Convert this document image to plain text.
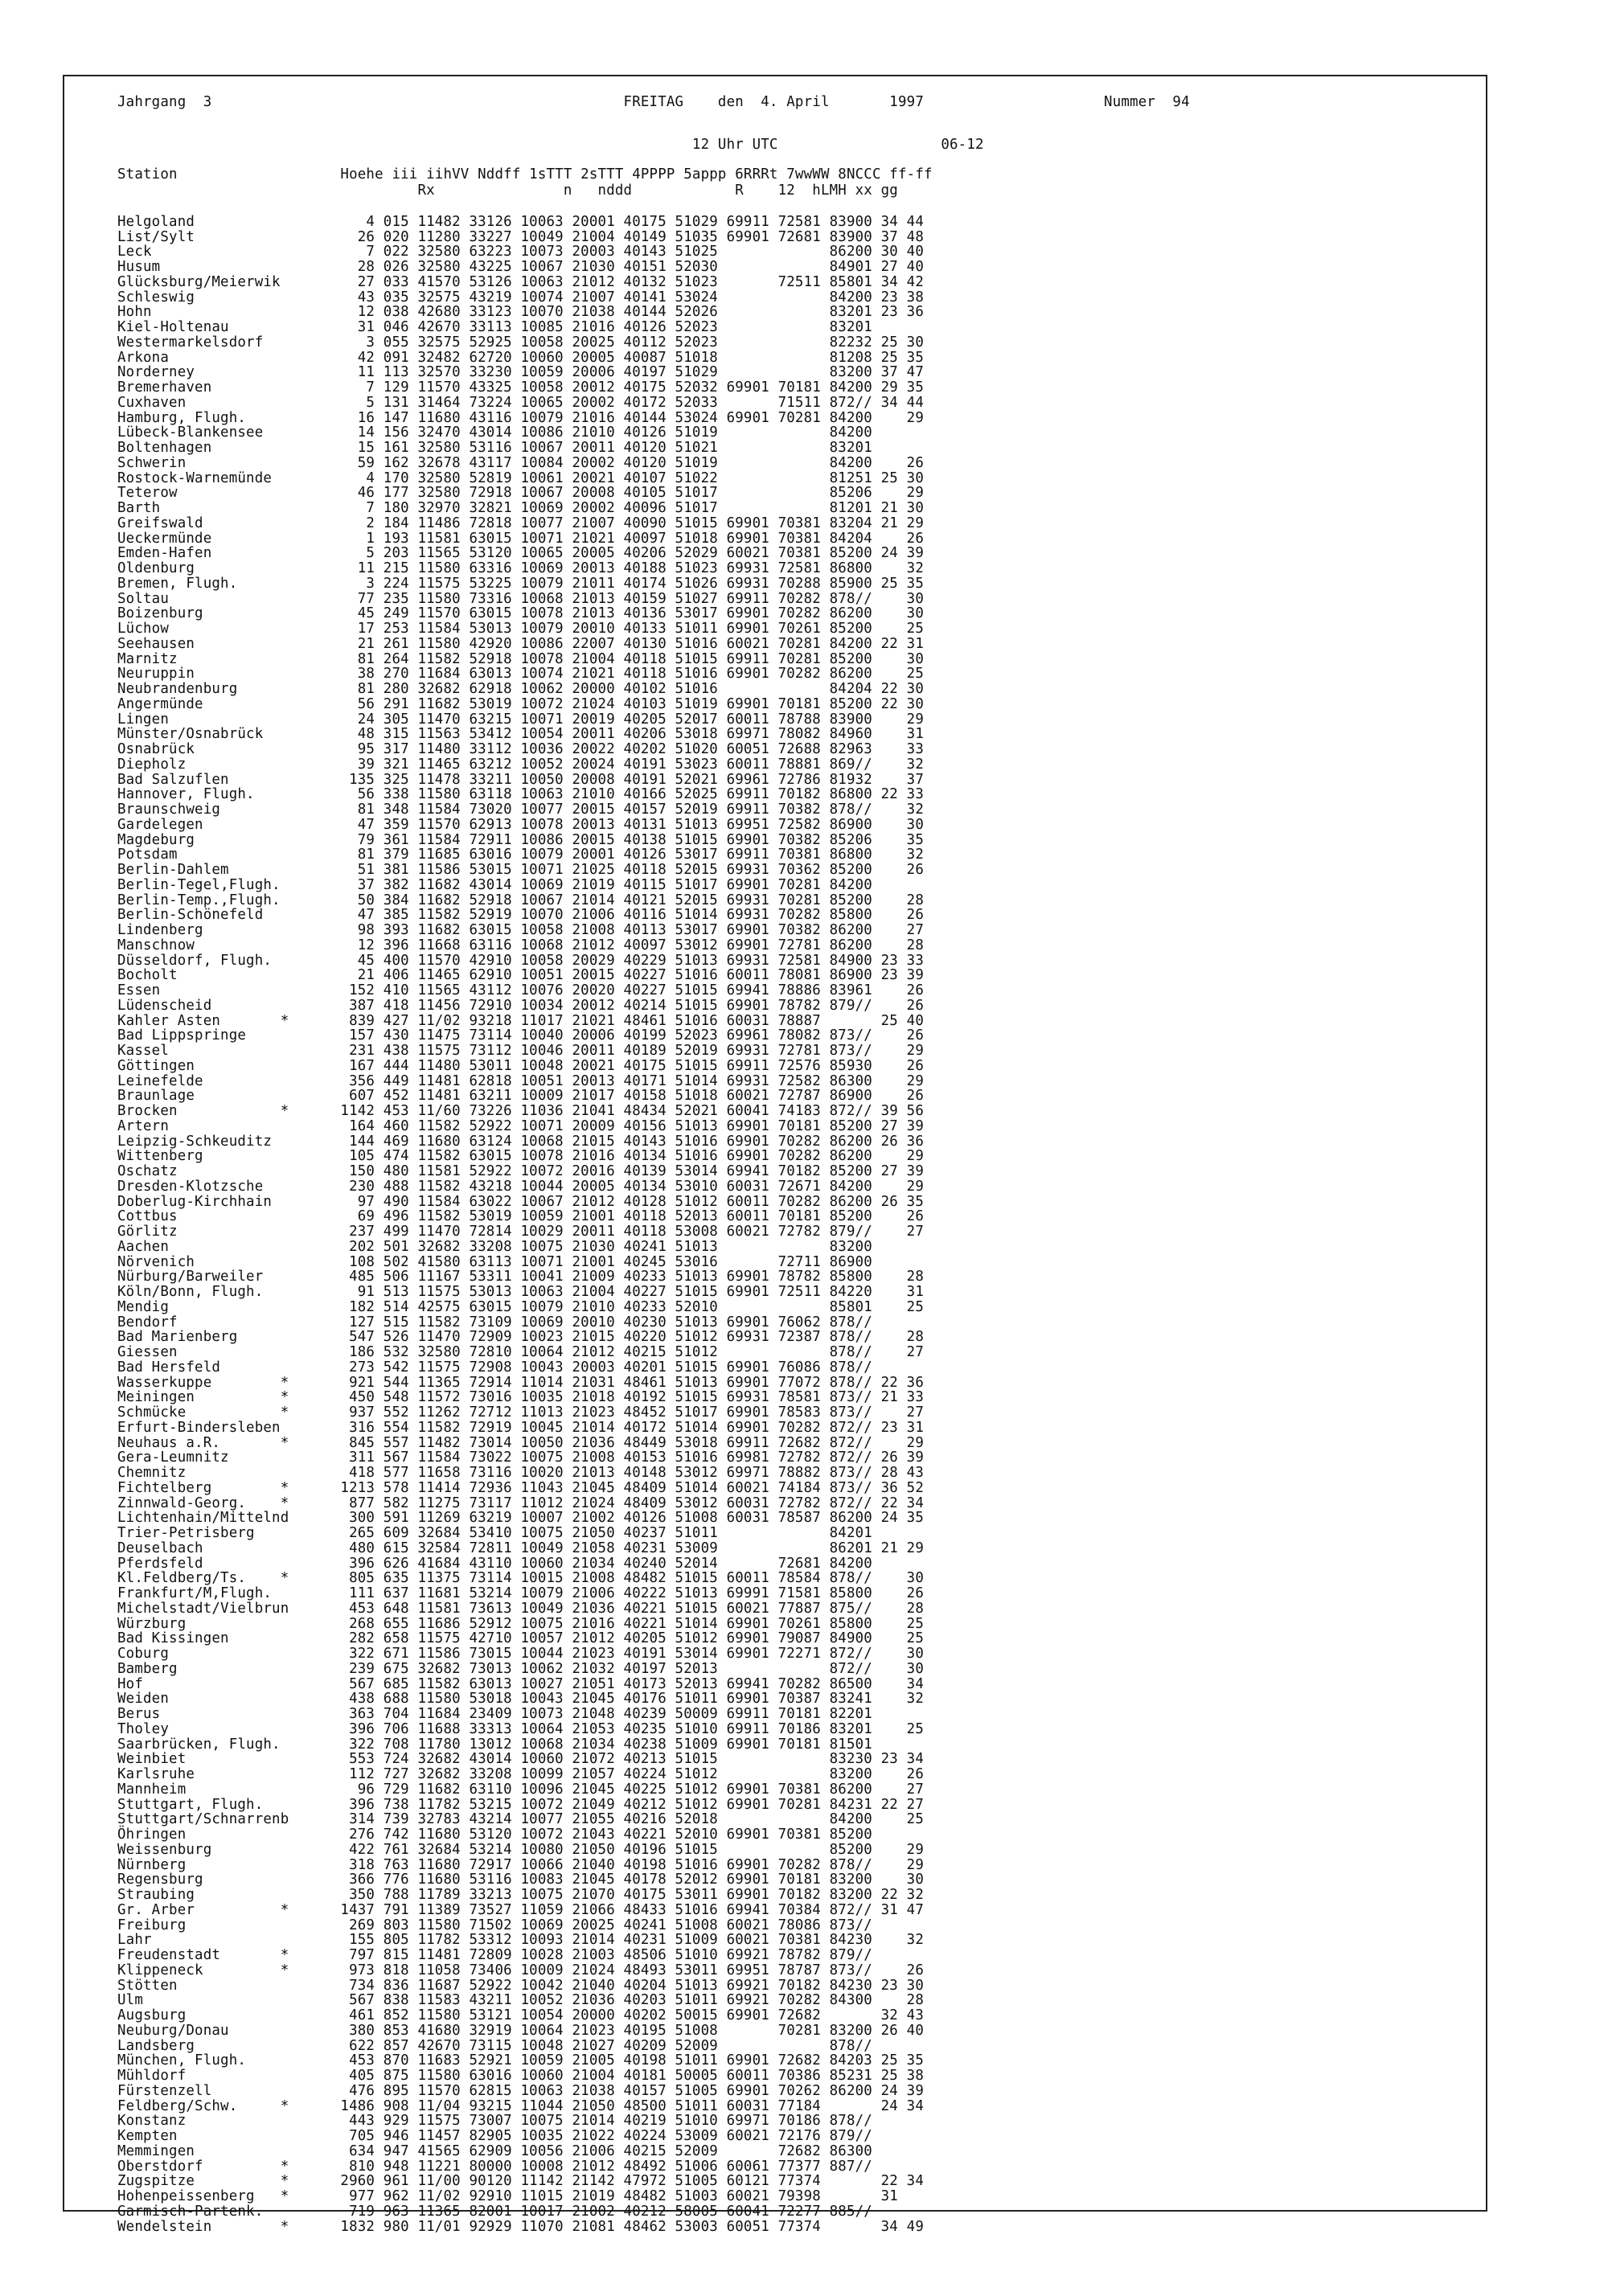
Jahrgang  3                                                FREITAG    den  4. April       1997                     Nummer  94
12 Uhr UTC                   06-12
Station                   Hoehe iii iihVV Nddff 1sTTT 2sTTT 4PPPP 5appp 6RRRt 7wwWW 8NCCC ff-ff
Rx               n   nddd            R    12  hLMH xx gg
Helgoland                    4 015 11482 33126 10063 20001 40175 51029 69911 72581 83900 34 44
List/Sylt                   26 020 11280 33227 10049 21004 40149 51035 69901 72681 83900 37 48
Leck                         7 022 32580 63223 10073 20003 40143 51025             86200 30 40
Husum                       28 026 32580 43225 10067 21030 40151 52030             84901 27 40
Glücksburg/Meierwik         27 033 41570 53126 10063 21012 40132 51023       72511 85801 34 42
Schleswig                   43 035 32575 43219 10074 21007 40141 53024             84200 23 38
Hohn                        12 038 42680 33123 10070 21038 40144 52026             83201 23 36
Kiel-Holtenau               31 046 42670 33113 10085 21016 40126 52023             83201
Westermarkelsdorf            3 055 32575 52925 10058 20025 40112 52023             82232 25 30
Arkona                      42 091 32482 62720 10060 20005 40087 51018             81208 25 35
Norderney                   11 113 32570 33230 10059 20006 40197 51029             83200 37 47
Bremerhaven                  7 129 11570 43325 10058 20012 40175 52032 69901 70181 84200 29 35
Cuxhaven                     5 131 31464 73224 10065 20002 40172 52033       71511 872// 34 44
Hamburg, Flugh.             16 147 11680 43116 10079 21016 40144 53024 69901 70281 84200    29
Lübeck-Blankensee           14 156 32470 43014 10086 21010 40126 51019             84200
Boltenhagen                 15 161 32580 53116 10067 20011 40120 51021             83201
Schwerin                    59 162 32678 43117 10084 20002 40120 51019             84200    26
Rostock-Warnemünde           4 170 32580 52819 10061 20021 40107 51022             81251 25 30
Teterow                     46 177 32580 72918 10067 20008 40105 51017             85206    29
Barth                        7 180 32970 32821 10069 20002 40096 51017             81201 21 30
Greifswald                   2 184 11486 72818 10077 21007 40090 51015 69901 70381 83204 21 29
Ueckermünde                  1 193 11581 63015 10071 21021 40097 51018 69901 70381 84204    26
Emden-Hafen                  5 203 11565 53120 10065 20005 40206 52029 60021 70381 85200 24 39
Oldenburg                   11 215 11580 63316 10069 20013 40188 51023 69931 72581 86800    32
Bremen, Flugh.               3 224 11575 53225 10079 21011 40174 51026 69931 70288 85900 25 35
Soltau                      77 235 11580 73316 10068 21013 40159 51027 69911 70282 878//    30
Boizenburg                  45 249 11570 63015 10078 21013 40136 53017 69901 70282 86200    30
Lüchow                      17 253 11584 53013 10079 20010 40133 51011 69901 70261 85200    25
Seehausen                   21 261 11580 42920 10086 22007 40130 51016 60021 70281 84200 22 31
Marnitz                     81 264 11582 52918 10078 21004 40118 51015 69911 70281 85200    30
Neuruppin                   38 270 11684 63013 10074 21021 40118 51016 69901 70282 86200    25
Neubrandenburg              81 280 32682 62918 10062 20000 40102 51016             84204 22 30
Angermünde                  56 291 11682 53019 10072 21024 40103 51019 69901 70181 85200 22 30
Lingen                      24 305 11470 63215 10071 20019 40205 52017 60011 78788 83900    29
Münster/Osnabrück           48 315 11563 53412 10054 20011 40206 53018 69971 78082 84960    31
Osnabrück                   95 317 11480 33112 10036 20022 40202 51020 60051 72688 82963    33
Diepholz                    39 321 11465 63212 10052 20024 40191 53023 60011 78881 869//    32
Bad Salzuflen              135 325 11478 33211 10050 20008 40191 52021 69961 72786 81932    37
Hannover, Flugh.            56 338 11580 63118 10063 21010 40166 52025 69911 70182 86800 22 33
Braunschweig                81 348 11584 73020 10077 20015 40157 52019 69911 70382 878//    32
Gardelegen                  47 359 11570 62913 10078 20013 40131 51013 69951 72582 86900    30
Magdeburg                   79 361 11584 72911 10086 20015 40138 51015 69901 70382 85206    35
Potsdam                     81 379 11685 63016 10079 20001 40126 53017 69911 70381 86800    32
Berlin-Dahlem               51 381 11586 53015 10071 21025 40118 52015 69931 70362 85200    26
Berlin-Tegel,Flugh.         37 382 11682 43014 10069 21019 40115 51017 69901 70281 84200
Berlin-Temp.,Flugh.         50 384 11682 52918 10067 21014 40121 52015 69931 70281 85200    28
Berlin-Schönefeld           47 385 11582 52919 10070 21006 40116 51014 69931 70282 85800    26
Lindenberg                  98 393 11682 63015 10058 21008 40113 53017 69901 70382 86200    27
Manschnow                   12 396 11668 63116 10068 21012 40097 53012 69901 72781 86200    28
Düsseldorf, Flugh.          45 400 11570 42910 10058 20029 40229 51013 69931 72581 84900 23 33
Bocholt                     21 406 11465 62910 10051 20015 40227 51016 60011 78081 86900 23 39
Essen                      152 410 11565 43112 10076 20020 40227 51015 69941 78886 83961    26
Lüdenscheid                387 418 11456 72910 10034 20012 40214 51015 69901 78782 879//    26
Kahler Asten       *       839 427 11/02 93218 11017 21021 48461 51016 60031 78887       25 40
Bad Lippspringe            157 430 11475 73114 10040 20006 40199 52023 69961 78082 873//    26
Kassel                     231 438 11575 73112 10046 20011 40189 52019 69931 72781 873//    29
Göttingen                  167 444 11480 53011 10048 20021 40175 51015 69911 72576 85930    26
Leinefelde                 356 449 11481 62818 10051 20013 40171 51014 69931 72582 86300    29
Braunlage                  607 452 11481 63211 10009 21017 40158 51018 60021 72787 86900    26
Brocken            *      1142 453 11/60 73226 11036 21041 48434 52021 60041 74183 872// 39 56
Artern                     164 460 11582 52922 10071 20009 40156 51013 69901 70181 85200 27 39
Leipzig-Schkeuditz         144 469 11680 63124 10068 21015 40143 51016 69901 70282 86200 26 36
Wittenberg                 105 474 11582 63015 10078 21016 40134 51016 69901 70282 86200    29
Oschatz                    150 480 11581 52922 10072 20016 40139 53014 69941 70182 85200 27 39
Dresden-Klotzsche          230 488 11582 43218 10044 20005 40134 53010 60031 72671 84200    29
Doberlug-Kirchhain          97 490 11584 63022 10067 21012 40128 51012 60011 70282 86200 26 35
Cottbus                     69 496 11582 53019 10059 21001 40118 52013 60011 70181 85200    26
Görlitz                    237 499 11470 72814 10029 20011 40118 53008 60021 72782 879//    27
Aachen                     202 501 32682 33208 10075 21030 40241 51013             83200
Nörvenich                  108 502 41580 63113 10071 21001 40245 53016       72711 86900
Nürburg/Barweiler          485 506 11167 53311 10041 21009 40233 51013 69901 78782 85800    28
Köln/Bonn, Flugh.           91 513 11575 53013 10063 21004 40227 51015 69901 72511 84220    31
Mendig                     182 514 42575 63015 10079 21010 40233 52010             85801    25
Bendorf                    127 515 11582 73109 10069 20010 40230 51013 69901 76062 878//
Bad Marienberg             547 526 11470 72909 10023 21015 40220 51012 69931 72387 878//    28
Giessen                    186 532 32580 72810 10064 21012 40215 51012             878//    27
Bad Hersfeld               273 542 11575 72908 10043 20003 40201 51015 69901 76086 878//
Wasserkuppe        *       921 544 11365 72914 11014 21031 48461 51013 69901 77072 878// 22 36
Meiningen          *       450 548 11572 73016 10035 21018 40192 51015 69931 78581 873// 21 33
Schmücke           *       937 552 11262 72712 11013 21023 48452 51017 69901 78583 873//    27
Erfurt-Bindersleben        316 554 11582 72919 10045 21014 40172 51014 69901 70282 872// 23 31
Neuhaus a.R.       *       845 557 11482 73014 10050 21036 48449 53018 69911 72682 872//    29
Gera-Leumnitz              311 567 11584 73022 10075 21008 40153 51016 69981 72782 872// 26 39
Chemnitz                   418 577 11658 73116 10020 21013 40148 53012 69971 78882 873// 28 43
Fichtelberg        *      1213 578 11414 72936 11043 21045 48409 51014 60021 74184 873// 36 52
Zinnwald-Georg.    *       877 582 11275 73117 11012 21024 48409 53012 60031 72782 872// 22 34
Lichtenhain/Mittelnd       300 591 11269 63219 10007 21002 40126 51008 60031 78587 86200 24 35
Trier-Petrisberg           265 609 32684 53410 10075 21050 40237 51011             84201
Deuselbach                 480 615 32584 72811 10049 21058 40231 53009             86201 21 29
Pferdsfeld                 396 626 41684 43110 10060 21034 40240 52014       72681 84200
Kl.Feldberg/Ts.    *       805 635 11375 73114 10015 21008 48482 51015 60011 78584 878//    30
Frankfurt/M,Flugh.         111 637 11681 53214 10079 21006 40222 51013 69991 71581 85800    26
Michelstadt/Vielbrun       453 648 11581 73613 10049 21036 40221 51015 60021 77887 875//    28
Würzburg                   268 655 11686 52912 10075 21016 40221 51014 69901 70261 85800    25
Bad Kissingen              282 658 11575 42710 10057 21012 40205 51012 69901 79087 84900    25
Coburg                     322 671 11586 73015 10044 21023 40191 53014 69901 72271 872//    30
Bamberg                    239 675 32682 73013 10062 21032 40197 52013             872//    30
Hof                        567 685 11582 63013 10027 21051 40173 52013 69941 70282 86500    34
Weiden                     438 688 11580 53018 10043 21045 40176 51011 69901 70387 83241    32
Berus                      363 704 11684 23409 10073 21048 40239 50009 69911 70181 82201
Tholey                     396 706 11688 33313 10064 21053 40235 51010 69911 70186 83201    25
Saarbrücken, Flugh.        322 708 11780 13012 10068 21034 40238 51009 69901 70181 81501
Weinbiet                   553 724 32682 43014 10060 21072 40213 51015             83230 23 34
Karlsruhe                  112 727 32682 33208 10099 21057 40224 51012             83200    26
Mannheim                    96 729 11682 63110 10096 21045 40225 51012 69901 70381 86200    27
Stuttgart, Flugh.          396 738 11782 53215 10072 21049 40212 51012 69901 70281 84231 22 27
Stuttgart/Schnarrenb       314 739 32783 43214 10077 21055 40216 52018             84200    25
Öhringen                   276 742 11680 53120 10072 21043 40221 52010 69901 70381 85200
Weissenburg                422 761 32684 53214 10080 21050 40196 51015             85200    29
Nürnberg                   318 763 11680 72917 10066 21040 40198 51016 69901 70282 878//    29
Regensburg                 366 776 11680 53116 10083 21045 40178 52012 69901 70181 83200    30
Straubing                  350 788 11789 33213 10075 21070 40175 53011 69901 70182 83200 22 32
Gr. Arber          *      1437 791 11389 73527 11059 21066 48433 51016 69941 70384 872// 31 47
Freiburg                   269 803 11580 71502 10069 20025 40241 51008 60021 78086 873//
Lahr                       155 805 11782 53312 10093 21014 40231 51009 60021 70381 84230    32
Freudenstadt       *       797 815 11481 72809 10028 21003 48506 51010 69921 78782 879//
Klippeneck         *       973 818 11058 73406 10009 21024 48493 53011 69951 78787 873//    26
Stötten                    734 836 11687 52922 10042 21040 40204 51013 69921 70182 84230 23 30
Ulm                        567 838 11583 43211 10052 21036 40203 51011 69921 70282 84300    28
Augsburg                   461 852 11580 53121 10054 20000 40202 50015 69901 72682       32 43
Neuburg/Donau              380 853 41680 32919 10064 21023 40195 51008       70281 83200 26 40
Landsberg                  622 857 42670 73115 10048 21027 40209 52009             878//
München, Flugh.            453 870 11683 52921 10059 21005 40198 51011 69901 72682 84203 25 35
Mühldorf                   405 875 11580 63016 10060 21004 40181 50005 60011 70386 85231 25 38
Fürstenzell                476 895 11570 62815 10063 21038 40157 51005 69901 70262 86200 24 39
Feldberg/Schw.     *      1486 908 11/04 93215 11044 21050 48500 51011 60031 77184       24 34
Konstanz                   443 929 11575 73007 10075 21014 40219 51010 69971 70186 878//
Kempten                    705 946 11457 82905 10035 21022 40224 53009 60021 72176 879//
Memmingen                  634 947 41565 62909 10056 21006 40215 52009       72682 86300
Oberstdorf         *       810 948 11221 80000 10008 21012 48492 51006 60061 77377 887//
Zugspitze          *      2960 961 11/00 90120 11142 21142 47972 51005 60121 77374       22 34
Hohenpeissenberg   *       977 962 11/02 92910 11015 21019 48482 51003 60021 79398       31
Garmisch-Partenk.          719 963 11365 82001 10017 21002 40212 58005 60041 72277 885//
Wendelstein        *      1832 980 11/01 92929 11070 21081 48462 53003 60051 77374       34 49
